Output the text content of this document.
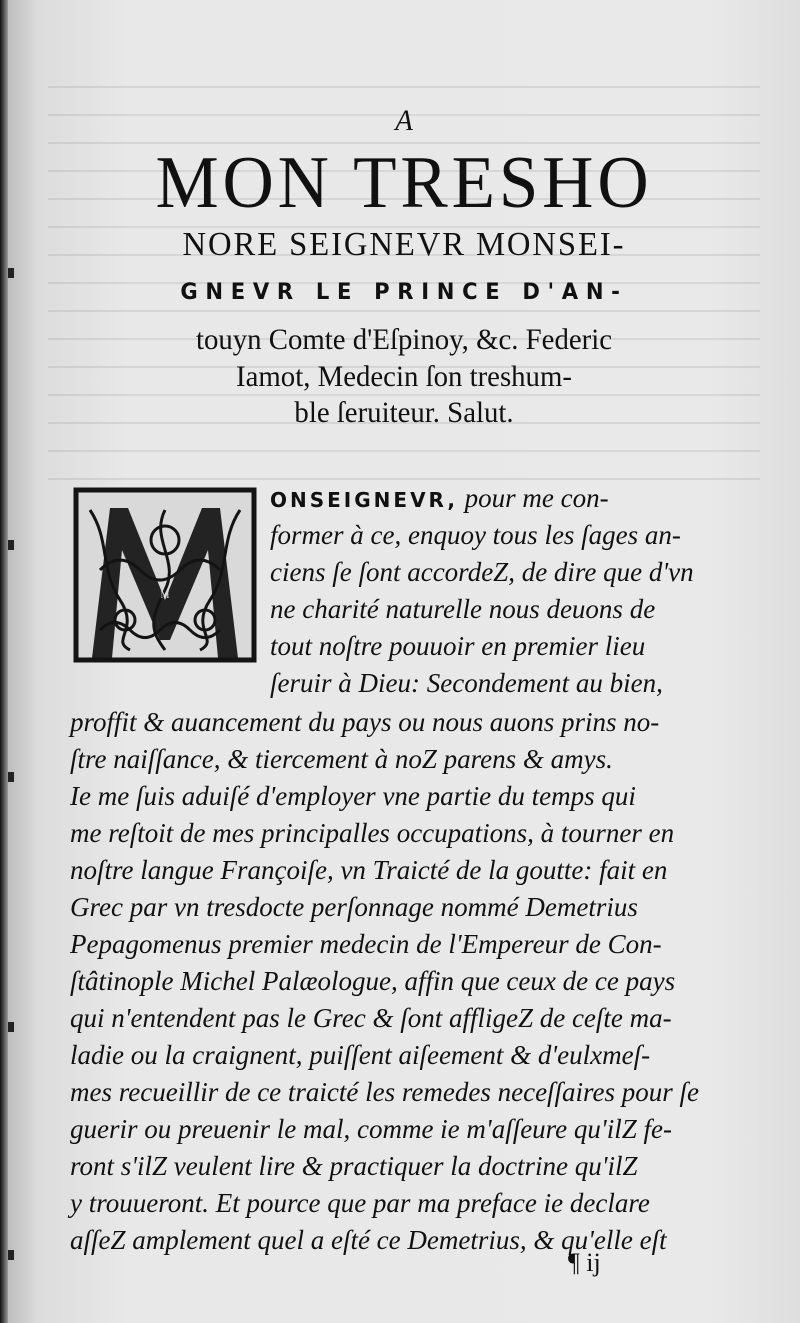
A
MON TRESHO
NORE SEIGNEVR MONSEI-
GNEVR LE PRINCE D'AN-
touyn Comte d'Eſpinoy, &c. Federic
Iamot, Medecin ſon treshum-
ble ſeruiteur. Salut.
M
ONSEIGNEVR, pour me con-
former à ce, enquoy tous les ſages an-
ciens ſe ſont accordeZ, de dire que d'vn
ne charité naturelle nous deuons de
tout noſtre pouuoir en premier lieu
ſeruir à Dieu: Secondement au bien,
proffit & auancement du pays ou nous auons prins no-
ſtre naiſſance, & tiercement à noZ parens & amys.
Ie me ſuis aduiſé d'employer vne partie du temps qui
me reſtoit de mes principalles occupations, à tourner en
noſtre langue Françoiſe, vn Traicté de la goutte: fait en
Grec par vn tresdocte perſonnage nommé Demetrius
Pepagomenus premier medecin de l'Empereur de Con-
ſtâtinople Michel Palæologue, affin que ceux de ce pays
qui n'entendent pas le Grec & ſont affligeZ de ceſte ma-
ladie ou la craignent, puiſſent aiſeement & d'eulxmeſ-
mes recueillir de ce traicté les remedes neceſſaires pour ſe
guerir ou preuenir le mal, comme ie m'aſſeure qu'ilZ fe-
ront s'ilZ veulent lire & practiquer la doctrine qu'ilZ
y trouueront. Et pource que par ma preface ie declare
aſſeZ amplement quel a eſté ce Demetrius, & qu'elle eſt
¶ ij
